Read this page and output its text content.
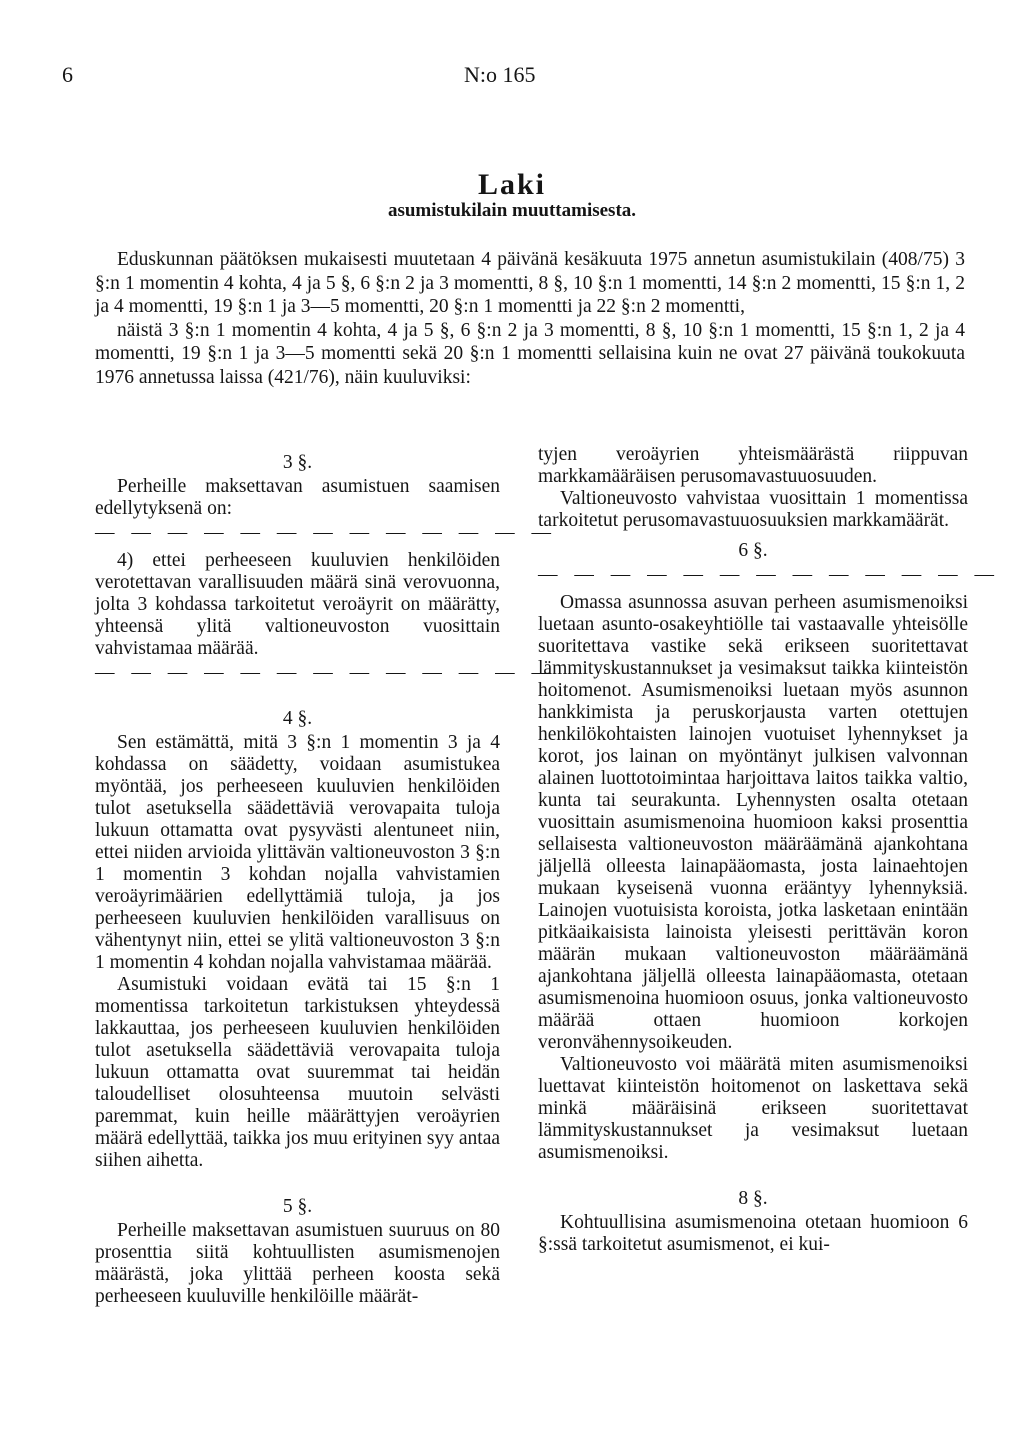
6	N:o 165
Laki
asumistukilain muuttamisesta.

Eduskunnan päätöksen mukaisesti muutetaan 4 päivänä kesäkuuta 1975 annetun asumistukilain (408/75) 3 §:n 1 momentin 4 kohta, 4 ja 5 §, 6 §:n 2 ja 3 momentti, 8 §, 10 §:n 1 momentti, 14 §:n 2 momentti, 15 §:n 1, 2 ja 4 momentti, 19 §:n 1 ja 3—5 momentti, 20 §:n 1 momentti ja 22 §:n 2 momentti,

näistä 3 §:n 1 momentin 4 kohta, 4 ja 5 §, 6 §:n 2 ja 3 momentti, 8 §, 10 §:n 1 momentti, 15 §:n 1, 2 ja 4 momentti, 19 §:n 1 ja 3—5 momentti sekä 20 §:n 1 momentti sellaisina kuin ne ovat 27 päivänä toukokuuta 1976 annetussa laissa (421/76), näin kuuluviksi:

3 §.

Perheille maksettavan asumistuen saamisen edellytyksenä on:

— — — — — — — — — — — — —

4) ettei perheeseen kuuluvien henkilöiden verotettavan varallisuuden määrä sinä verovuonna, jolta 3 kohdassa tarkoitetut veroäyrit on määrätty, yhteensä ylitä valtioneuvoston vuosittain vahvistamaa määrää.

— — — — — — — — — — — — —
4 §.

Sen estämättä, mitä 3 §:n 1 momentin 3 ja 4 kohdassa on säädetty, voidaan asumistukea myöntää, jos perheeseen kuuluvien henkilöiden tulot asetuksella säädettäviä verovapaita tuloja lukuun ottamatta ovat pysyvästi alentuneet niin, ettei niiden arvioida ylittävän valtioneuvoston 3 §:n 1 momentin 3 kohdan nojalla vahvistamien veroäyrimäärien edellyttämiä tuloja, ja jos perheeseen kuuluvien henkilöiden varallisuus on vähentynyt niin, ettei se ylitä valtioneuvoston 3 §:n 1 momentin 4 kohdan nojalla vahvistamaa määrää.

Asumistuki voidaan evätä tai 15 §:n 1 momentissa tarkoitetun tarkistuksen yhteydessä lakkauttaa, jos perheeseen kuuluvien henkilöiden tulot asetuksella säädettäviä verovapaita tuloja lukuun ottamatta ovat suuremmat tai heidän taloudelliset olosuhteensa muutoin selvästi paremmat, kuin heille määrättyjen veroäyrien määrä edellyttää, taikka jos muu erityinen syy antaa siihen aihetta.

5 §.

Perheille maksettavan asumistuen suuruus on 80 prosenttia siitä kohtuullisten asumismenojen määrästä, joka ylittää perheen koosta sekä perheeseen kuuluville henkilöille määrät-

tyjen veroäyrien yhteismäärästä riippuvan markkamääräisen perusomavastuuosuuden.

Valtioneuvosto vahvistaa vuosittain 1 momentissa tarkoitetut perusomavastuuosuuksien markkamäärät.

6 §.
— — — — — — — — — — — — —

Omassa asunnossa asuvan perheen asumismenoiksi luetaan asunto-osakeyhtiölle tai vastaavalle yhteisölle suoritettava vastike sekä erikseen suoritettavat lämmityskustannukset ja vesimaksut taikka kiinteistön hoitomenot. Asumismenoiksi luetaan myös asunnon hankkimista ja peruskorjausta varten otettujen henkilökohtaisten lainojen vuotuiset lyhennykset ja korot, jos lainan on myöntänyt julkisen valvonnan alainen luottotoimintaa harjoittava laitos taikka valtio, kunta tai seurakunta. Lyhennysten osalta otetaan vuosittain asumismenoina huomioon kaksi prosenttia sellaisesta valtioneuvoston määräämänä ajankohtana jäljellä olleesta lainapääomasta, josta lainaehtojen mukaan kyseisenä vuonna erääntyy lyhennyksiä. Lainojen vuotuisista koroista, jotka lasketaan enintään pitkäaikaisista lainoista yleisesti perittävän koron määrän mukaan valtioneuvoston määräämänä ajankohtana jäljellä olleesta lainapääomasta, otetaan asumismenoina huomioon osuus, jonka valtioneuvosto määrää ottaen huomioon korkojen veronvähennysoikeuden.

Valtioneuvosto voi määrätä miten asumismenoiksi luettavat kiinteistön hoitomenot on laskettava sekä minkä määräisinä erikseen suoritettavat lämmityskustannukset ja vesimaksut luetaan asumismenoiksi.

8 §.

Kohtuullisina asumismenoina otetaan huomioon 6 §:ssä tarkoitetut asumismenot, ei kui-
